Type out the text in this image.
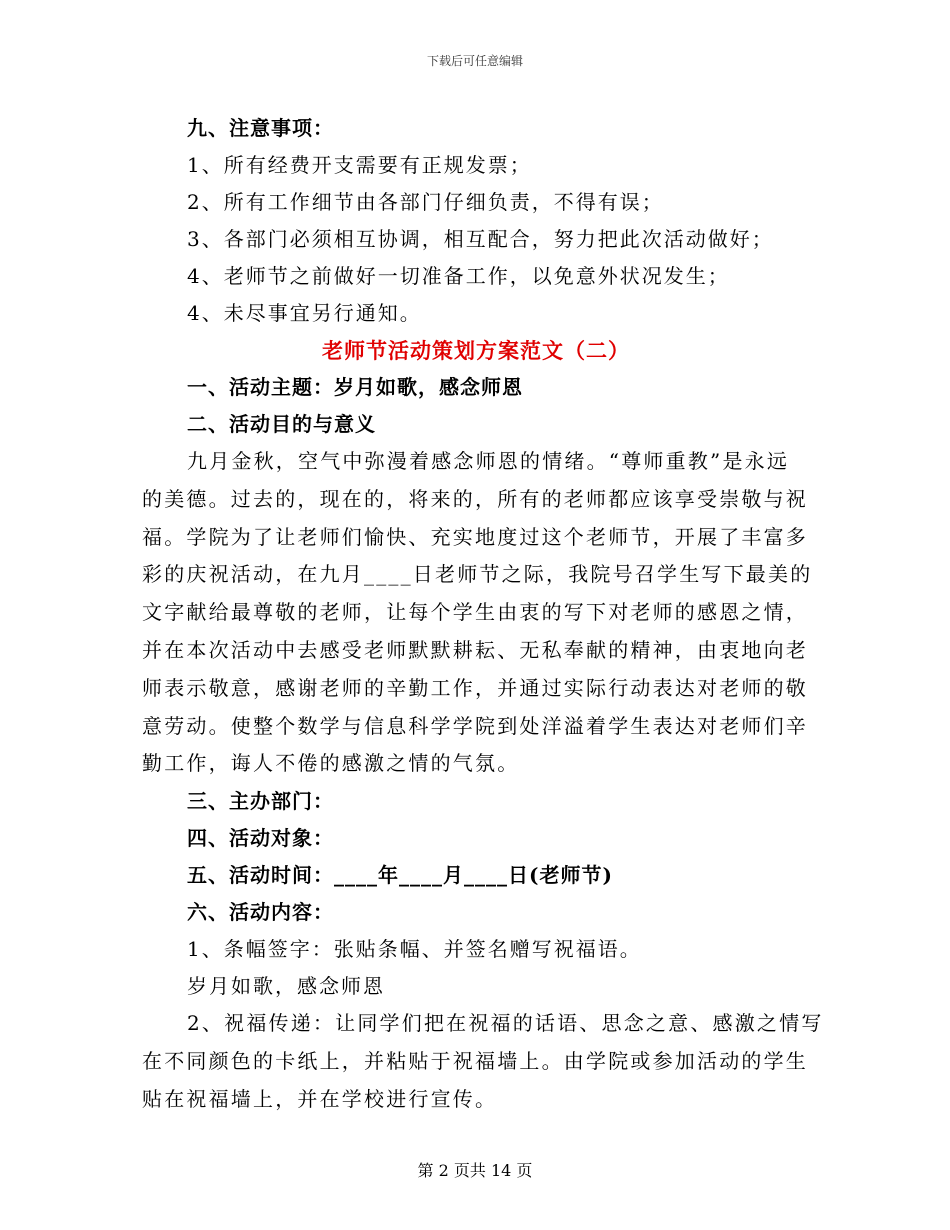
下载后可任意编辑

九、注意事项：

1、所有经费开支需要有正规发票；

2、所有工作细节由各部门仔细负责，不得有误；

3、各部门必须相互协调，相互配合，努力把此次活动做好；

4、老师节之前做好一切准备工作，以免意外状况发生；

4、未尽事宜另行通知。

老师节活动策划方案范文（二）

一、活动主题：岁月如歌，感念师恩

二、活动目的与意义

九月金秋，空气中弥漫着感念师恩的情绪。“尊师重教”是永远
的美德。过去的，现在的，将来的，所有的老师都应该享受崇敬与祝
福。学院为了让老师们愉快、充实地度过这个老师节，开展了丰富多
彩的庆祝活动，在九月____日老师节之际，我院号召学生写下最美的
文字献给最尊敬的老师，让每个学生由衷的写下对老师的感恩之情，
并在本次活动中去感受老师默默耕耘、无私奉献的精神，由衷地向老
师表示敬意，感谢老师的辛勤工作，并通过实际行动表达对老师的敬
意劳动。使整个数学与信息科学学院到处洋溢着学生表达对老师们辛
勤工作，诲人不倦的感激之情的气氛。

三、主办部门：

四、活动对象：

五、活动时间：____年____月____日(老师节)

六、活动内容：

1、条幅签字：张贴条幅、并签名赠写祝福语。

岁月如歌，感念师恩

2、祝福传递：让同学们把在祝福的话语、思念之意、感激之情写
在不同颜色的卡纸上，并粘贴于祝福墙上。由学院或参加活动的学生
贴在祝福墙上，并在学校进行宣传。
第 2 页共 14 页
